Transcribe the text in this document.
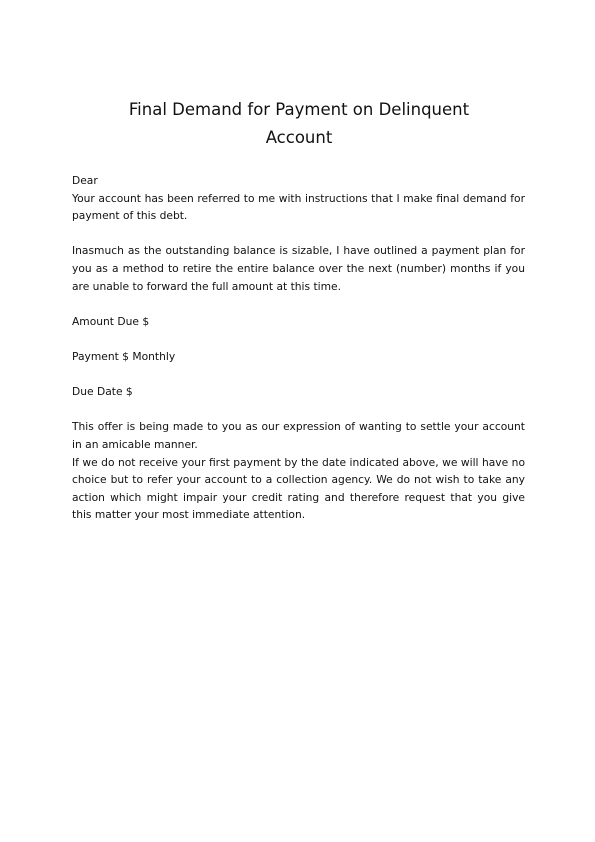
Final Demand for Payment on Delinquent
Account

Dear

Your account has been referred to me with instructions that I make final demand for payment of this debt.

Inasmuch as the outstanding balance is sizable, I have outlined a payment plan for you as a method to retire the entire balance over the next (number) months if you are unable to forward the full amount at this time.

Amount Due $

Payment $ Monthly

Due Date $

This offer is being made to you as our expression of wanting to settle your account in an amicable manner.

If we do not receive your first payment by the date indicated above, we will have no choice but to refer your account to a collection agency. We do not wish to take any action which might impair your credit rating and therefore request that you give this matter your most immediate attention.
